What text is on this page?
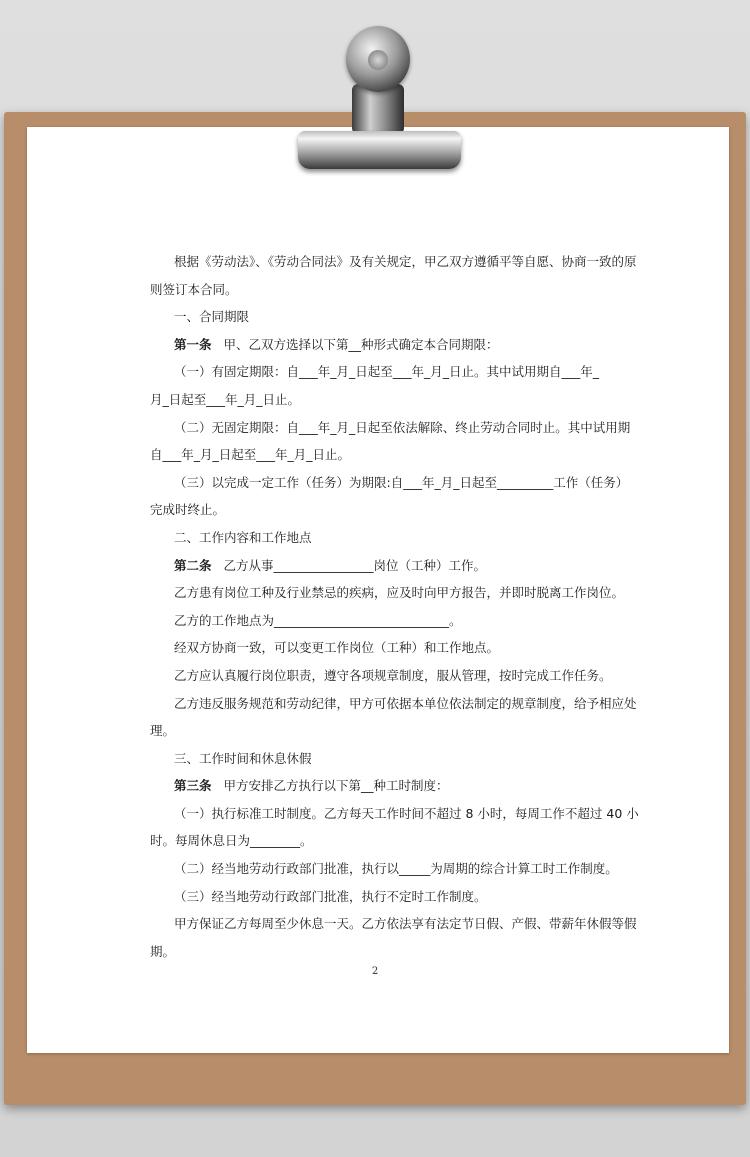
根据《劳动法》、《劳动合同法》及有关规定，甲乙双方遵循平等自愿、协商一致的原

则签订本合同。

一、合同期限

第一条 甲、乙双方选择以下第__种形式确定本合同期限：

（一）有固定期限：自___年_月_日起至___年_月_日止。其中试用期自___年_

月_日起至___年_月_日止。

（二）无固定期限：自___年_月_日起至依法解除、终止劳动合同时止。其中试用期

自___年_月_日起至___年_月_日止。

（三）以完成一定工作（任务）为期限:自___年_月_日起至_________工作（任务）

完成时终止。

二、工作内容和工作地点

第二条 乙方从事________________岗位（工种）工作。

乙方患有岗位工种及行业禁忌的疾病，应及时向甲方报告，并即时脱离工作岗位。

乙方的工作地点为____________________________。

经双方协商一致，可以变更工作岗位（工种）和工作地点。

乙方应认真履行岗位职责，遵守各项规章制度，服从管理，按时完成工作任务。

乙方违反服务规范和劳动纪律，甲方可依据本单位依法制定的规章制度，给予相应处

理。

三、工作时间和休息休假

第三条 甲方安排乙方执行以下第__种工时制度：

（一）执行标准工时制度。乙方每天工作时间不超过 8 小时，每周工作不超过 40 小

时。每周休息日为________。

（二）经当地劳动行政部门批准，执行以_____为周期的综合计算工时工作制度。

（三）经当地劳动行政部门批准，执行不定时工作制度。

甲方保证乙方每周至少休息一天。乙方依法享有法定节日假、产假、带薪年休假等假

期。

2
